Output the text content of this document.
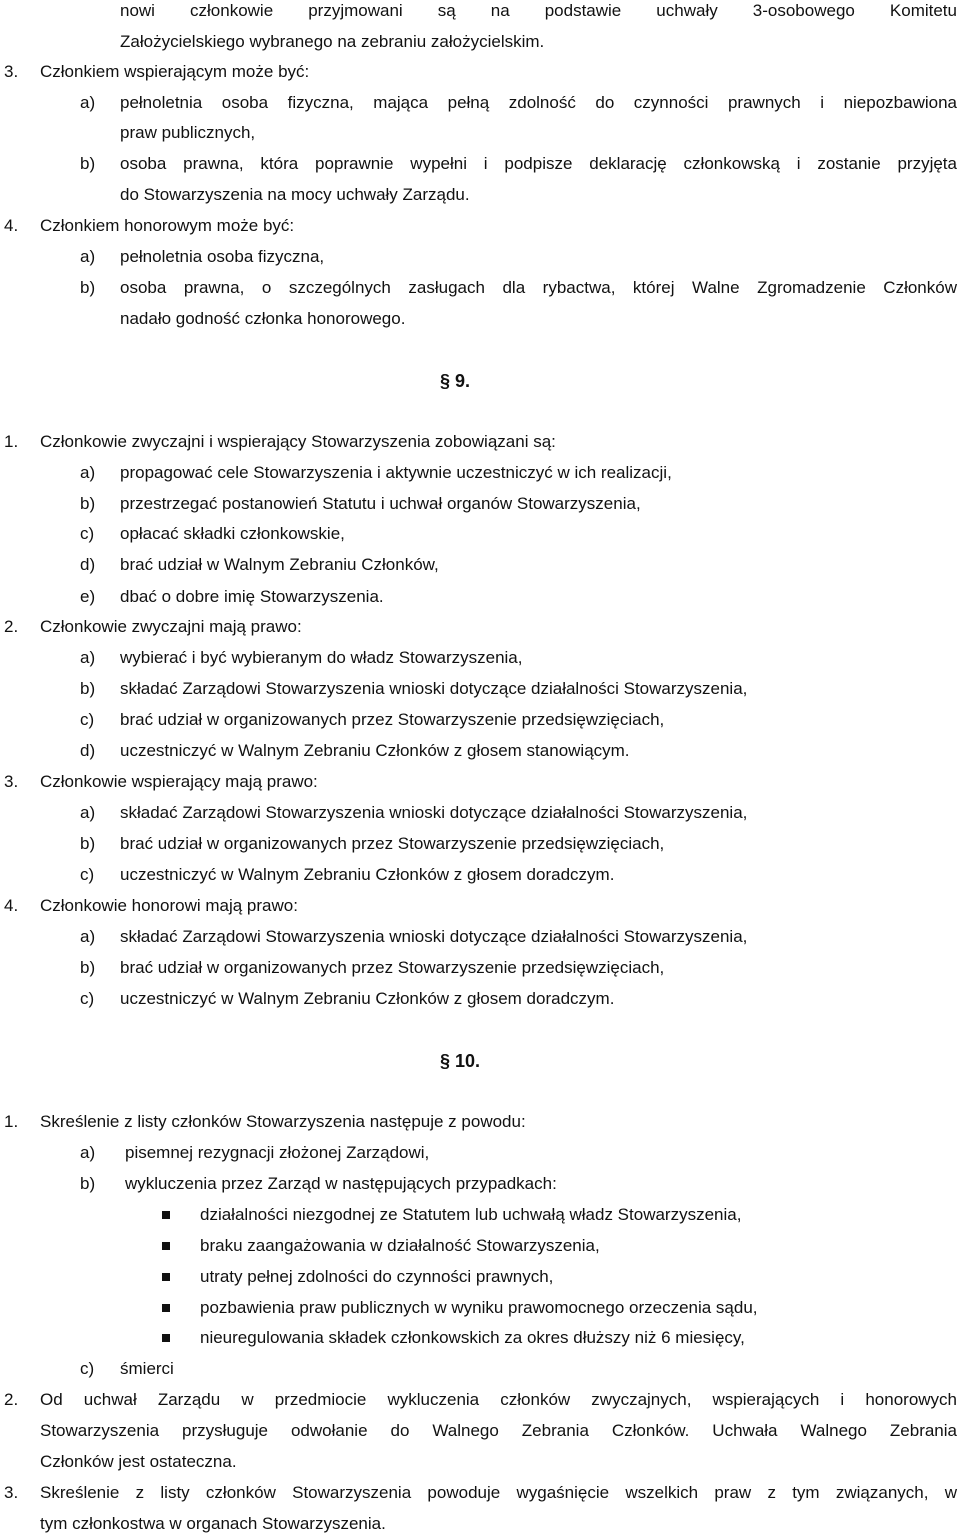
nowi członkowie przyjmowani są na podstawie uchwały 3-osobowego Komitetu
Założycielskiego wybranego na zebraniu założycielskim.
3. Członkiem wspierającym może być:
a) pełnoletnia osoba fizyczna, mająca pełną zdolność do czynności prawnych i niepozbawiona
praw publicznych,
b) osoba prawna, która poprawnie wypełni i podpisze deklarację członkowską i zostanie przyjęta
do Stowarzyszenia na mocy uchwały Zarządu.
4. Członkiem honorowym może być:
a) pełnoletnia osoba fizyczna,
b) osoba prawna, o szczególnych zasługach dla rybactwa, której Walne Zgromadzenie Członków
nadało godność członka honorowego.
§ 9.
1. Członkowie zwyczajni i wspierający Stowarzyszenia zobowiązani są:
a) propagować cele Stowarzyszenia i aktywnie uczestniczyć w ich realizacji,
b) przestrzegać postanowień Statutu i uchwał organów Stowarzyszenia,
c) opłacać składki członkowskie,
d) brać udział w Walnym Zebraniu Członków,
e) dbać o dobre imię Stowarzyszenia.
2. Członkowie zwyczajni mają prawo:
a) wybierać i być wybieranym do władz Stowarzyszenia,
b) składać Zarządowi Stowarzyszenia wnioski dotyczące działalności Stowarzyszenia,
c) brać udział w organizowanych przez Stowarzyszenie przedsięwzięciach,
d) uczestniczyć w Walnym Zebraniu Członków z głosem stanowiącym.
3. Członkowie wspierający mają prawo:
a) składać Zarządowi Stowarzyszenia wnioski dotyczące działalności Stowarzyszenia,
b) brać udział w organizowanych przez Stowarzyszenie przedsięwzięciach,
c) uczestniczyć w Walnym Zebraniu Członków z głosem doradczym.
4. Członkowie honorowi mają prawo:
a) składać Zarządowi Stowarzyszenia wnioski dotyczące działalności Stowarzyszenia,
b) brać udział w organizowanych przez Stowarzyszenie przedsięwzięciach,
c) uczestniczyć w Walnym Zebraniu Członków z głosem doradczym.
§ 10.
1. Skreślenie z listy członków Stowarzyszenia następuje z powodu:
a) pisemnej rezygnacji złożonej Zarządowi,
b) wykluczenia przez Zarząd w następujących przypadkach:
działalności niezgodnej ze Statutem lub uchwałą władz Stowarzyszenia,
braku zaangażowania w działalność Stowarzyszenia,
utraty pełnej zdolności do czynności prawnych,
pozbawienia praw publicznych w wyniku prawomocnego orzeczenia sądu,
nieuregulowania składek członkowskich za okres dłuższy niż 6 miesięcy,
c) śmierci
2. Od uchwał Zarządu w przedmiocie wykluczenia członków zwyczajnych, wspierających i honorowych
Stowarzyszenia przysługuje odwołanie do Walnego Zebrania Członków. Uchwała Walnego Zebrania
Członków jest ostateczna.
3. Skreślenie z listy członków Stowarzyszenia powoduje wygaśnięcie wszelkich praw z tym związanych, w
tym członkostwa w organach Stowarzyszenia.
